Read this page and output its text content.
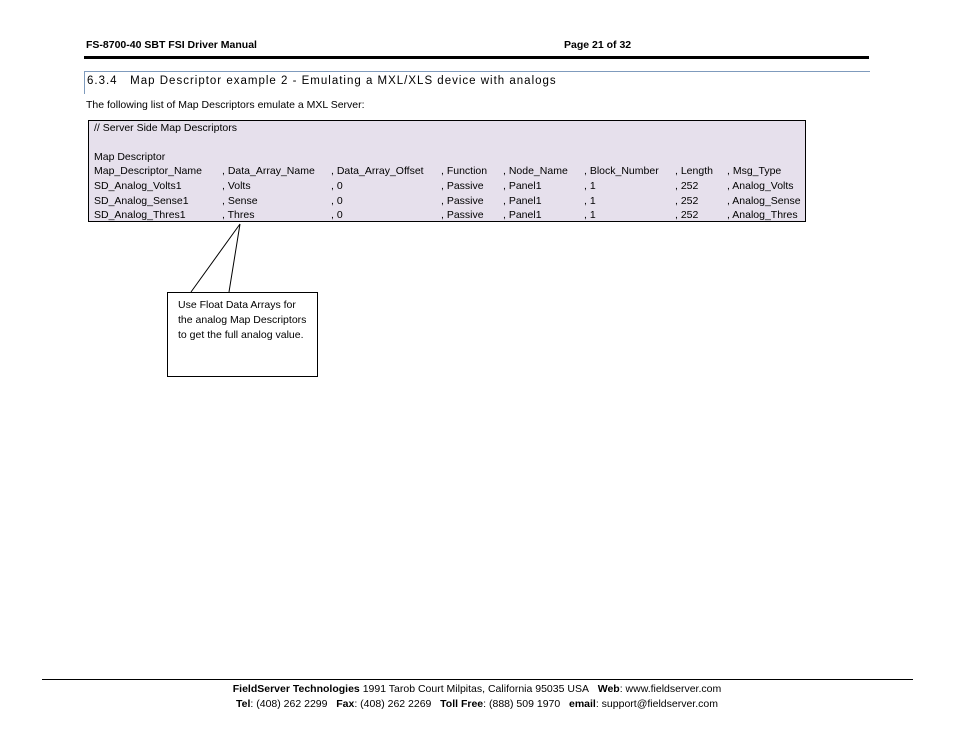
FS-8700-40 SBT FSI Driver Manual	Page 21 of 32
6.3.4 Map Descriptor example 2 - Emulating a MXL/XLS device with analogs
The following list of Map Descriptors emulate a MXL Server:
// Server Side Map Descriptors
Map Descriptor
Map_Descriptor_Name , Data_Array_Name , Data_Array_Offset , Function , Node_Name , Block_Number , Length , Msg_Type
SD_Analog_Volts1	, Volts	, 0	, Passive , Panel1	, 1	, 252	, Analog_Volts
SD_Analog_Sense1	, Sense	, 0	, Passive , Panel1	, 1	, 252	, Analog_Sense
SD_Analog_Thres1	, Thres	, 0	, Passive , Panel1	, 1	, 252	, Analog_Thres
Use Float Data Arrays for the analog Map Descriptors to get the full analog value.
FieldServer Technologies 1991 Tarob Court Milpitas, California 95035 USA Web: www.fieldserver.com
Tel: (408) 262 2299 Fax: (408) 262 2269 Toll Free: (888) 509 1970 email: support@fieldserver.com
